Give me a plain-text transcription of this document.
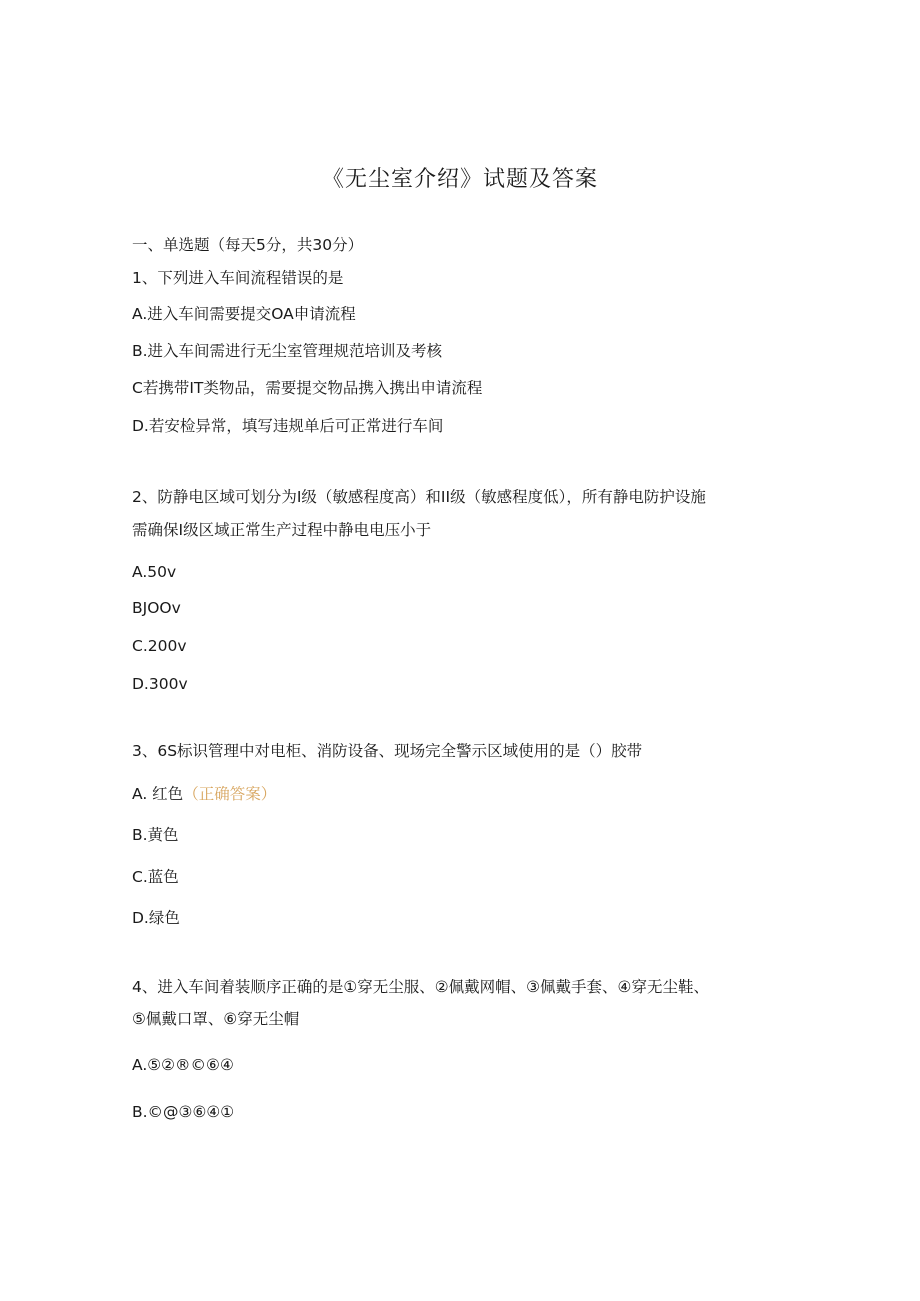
《无尘室介绍》试题及答案
一、单选题（每天5分，共30分）
1、下列进入车间流程错误的是
A.进入车间需要提交OA申请流程
B.进入车间需进行无尘室管理规范培训及考核
C若携带IT类物品，需要提交物品携入携出申请流程
D.若安检异常，填写违规单后可正常进行车间
2、防静电区域可划分为I级（敏感程度高）和II级（敏感程度低），所有静电防护设施
需确保I级区域正常生产过程中静电电压小于
A.50v
BJOOv
C.200v
D.300v
3、6S标识管理中对电柜、消防设备、现场完全警示区域使用的是（）胶带
A. 红色（正确答案）
B.黄色
C.蓝色
D.绿色
4、进入车间着装顺序正确的是①穿无尘服、②佩戴网帽、③佩戴手套、④穿无尘鞋、
⑤佩戴口罩、⑥穿无尘帽
A.⑤②®©⑥④
B.©@③⑥④①
